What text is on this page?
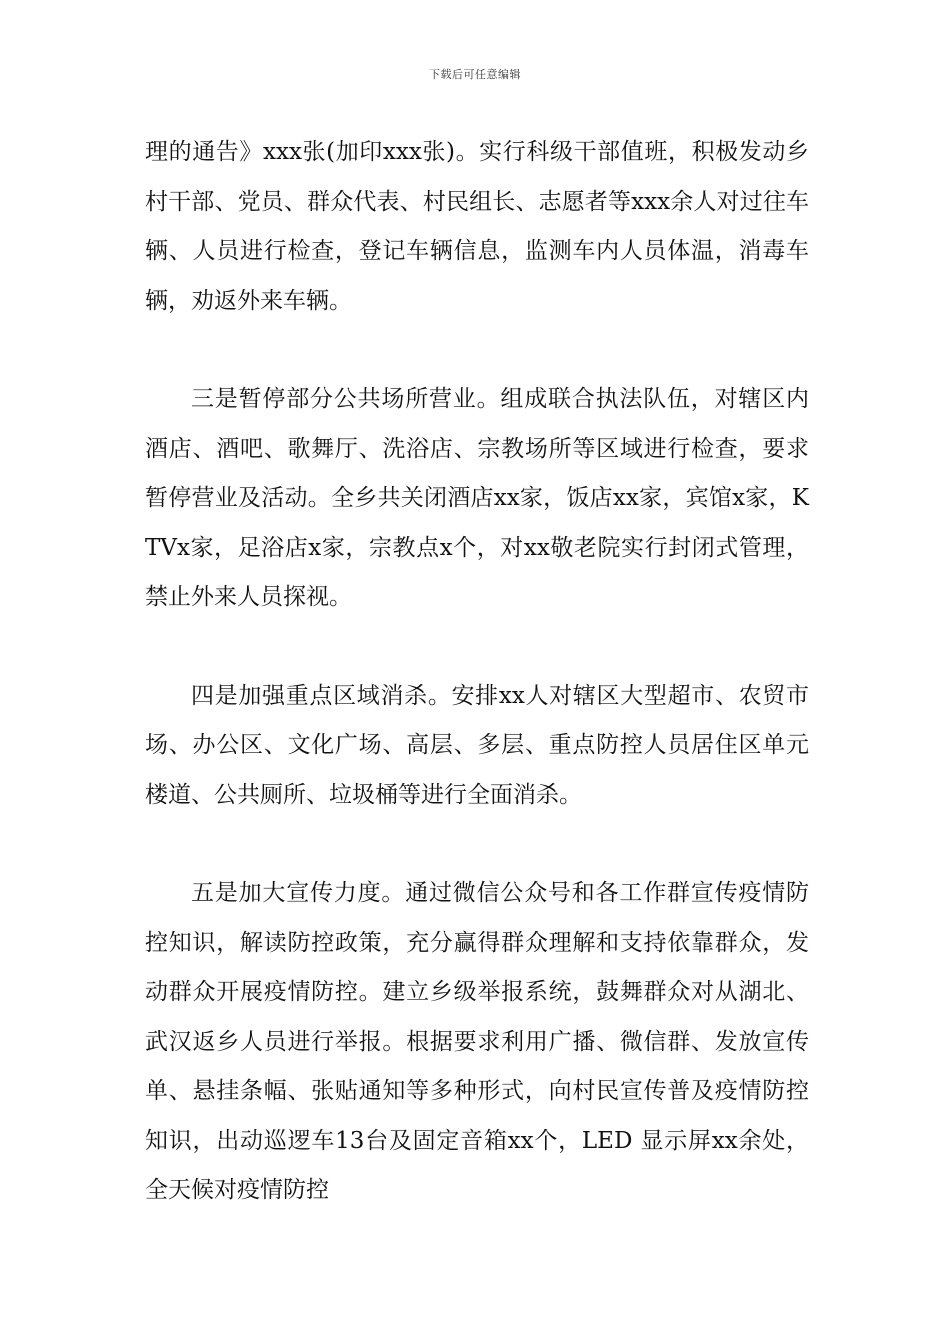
下载后可任意编辑

理的通告》xxx张(加印xxx张)。实行科级干部值班，积极发动乡村干部、党员、群众代表、村民组长、志愿者等xxx余人对过往车辆、人员进行检查，登记车辆信息，监测车内人员体温，消毒车辆，劝返外来车辆。

三是暂停部分公共场所营业。组成联合执法队伍，对辖区内酒店、酒吧、歌舞厅、洗浴店、宗教场所等区域进行检查，要求暂停营业及活动。全乡共关闭酒店xx家，饭店xx家，宾馆x家，KTVx家，足浴店x家，宗教点x个，对xx敬老院实行封闭式管理，禁止外来人员探视。

四是加强重点区域消杀。安排xx人对辖区大型超市、农贸市场、办公区、文化广场、高层、多层、重点防控人员居住区单元楼道、公共厕所、垃圾桶等进行全面消杀。

五是加大宣传力度。通过微信公众号和各工作群宣传疫情防控知识，解读防控政策，充分赢得群众理解和支持依靠群众，发动群众开展疫情防控。建立乡级举报系统，鼓舞群众对从湖北、武汉返乡人员进行举报。根据要求利用广播、微信群、发放宣传单、悬挂条幅、张贴通知等多种形式，向村民宣传普及疫情防控知识，出动巡逻车13台及固定音箱xx个，LED 显示屏xx余处，全天候对疫情防控
